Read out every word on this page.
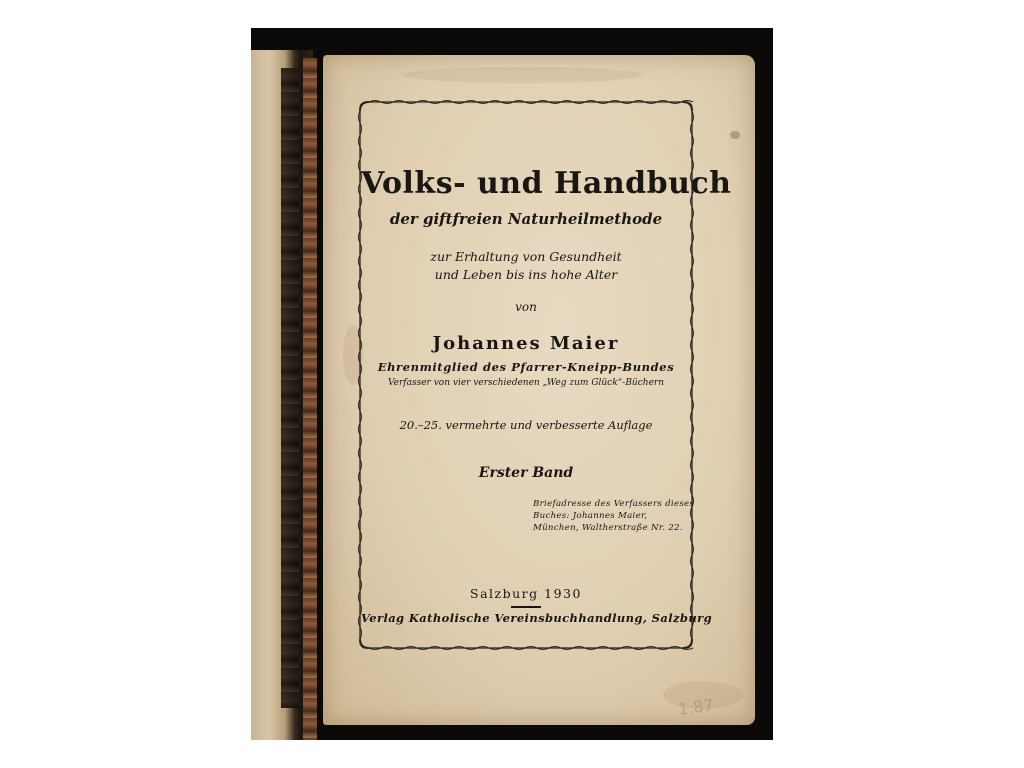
1.87

Volks- und Handbuch

der giftfreien Naturheilmethode

zur Erhaltung von Gesundheit

und Leben bis ins hohe Alter

von

Johannes Maier

Ehrenmitglied des Pfarrer-Kneipp-Bundes

Verfasser von vier verschiedenen „Weg zum Glück“-Büchern

20.–25. vermehrte und verbesserte Auflage

Erster Band

Briefadresse des Verfassers dieses

Buches: Johannes Maier,

München, Waltherstraße Nr. 22.

Salzburg 1930

Verlag Katholische Vereinsbuchhandlung, Salzburg
